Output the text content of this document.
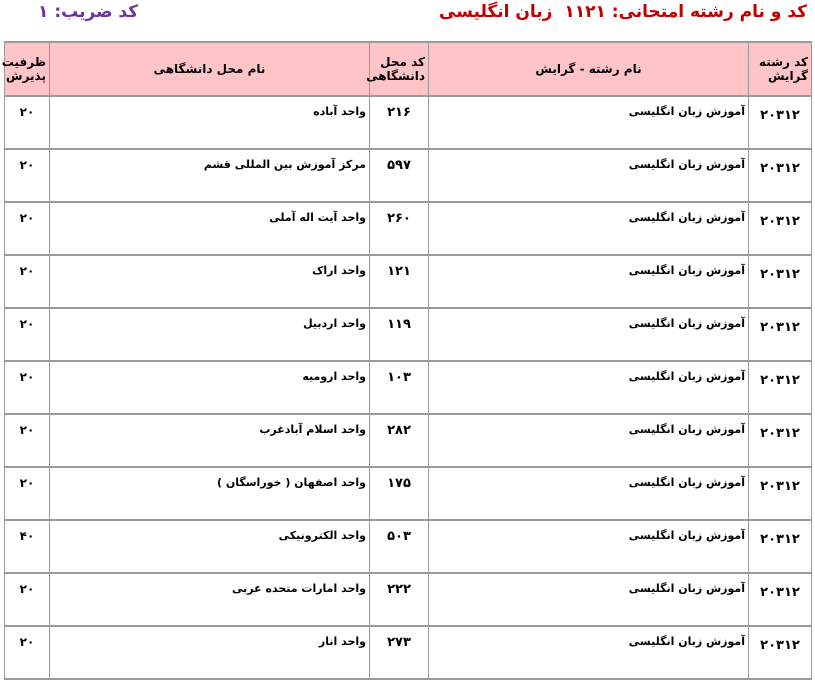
کد و نام رشته امتحانی: ۱۱۲۱  زبان انگلیسی
کد ضریب: ۱
کد رشته گرایش	نام رشته - گرایش	کد محل دانشگاهی	نام محل دانشگاهی	ظرفیت پذیرش
۲۰۳۱۲	آموزش زبان انگلیسی	۲۱۶	واحد آباده	۲۰
۲۰۳۱۲	آموزش زبان انگلیسی	۵۹۷	مرکز آموزش بین المللی قشم	۲۰
۲۰۳۱۲	آموزش زبان انگلیسی	۲۶۰	واحد آیت اله آملی	۲۰
۲۰۳۱۲	آموزش زبان انگلیسی	۱۲۱	واحد اراک	۲۰
۲۰۳۱۲	آموزش زبان انگلیسی	۱۱۹	واحد اردبیل	۲۰
۲۰۳۱۲	آموزش زبان انگلیسی	۱۰۳	واحد ارومیه	۲۰
۲۰۳۱۲	آموزش زبان انگلیسی	۲۸۲	واحد اسلام آبادغرب	۲۰
۲۰۳۱۲	آموزش زبان انگلیسی	۱۷۵	واحد اصفهان ( خوراسگان )	۲۰
۲۰۳۱۲	آموزش زبان انگلیسی	۵۰۳	واحد الکترونیکی	۴۰
۲۰۳۱۲	آموزش زبان انگلیسی	۲۲۲	واحد امارات متحده عربی	۲۰
۲۰۳۱۲	آموزش زبان انگلیسی	۲۷۳	واحد انار	۲۰
